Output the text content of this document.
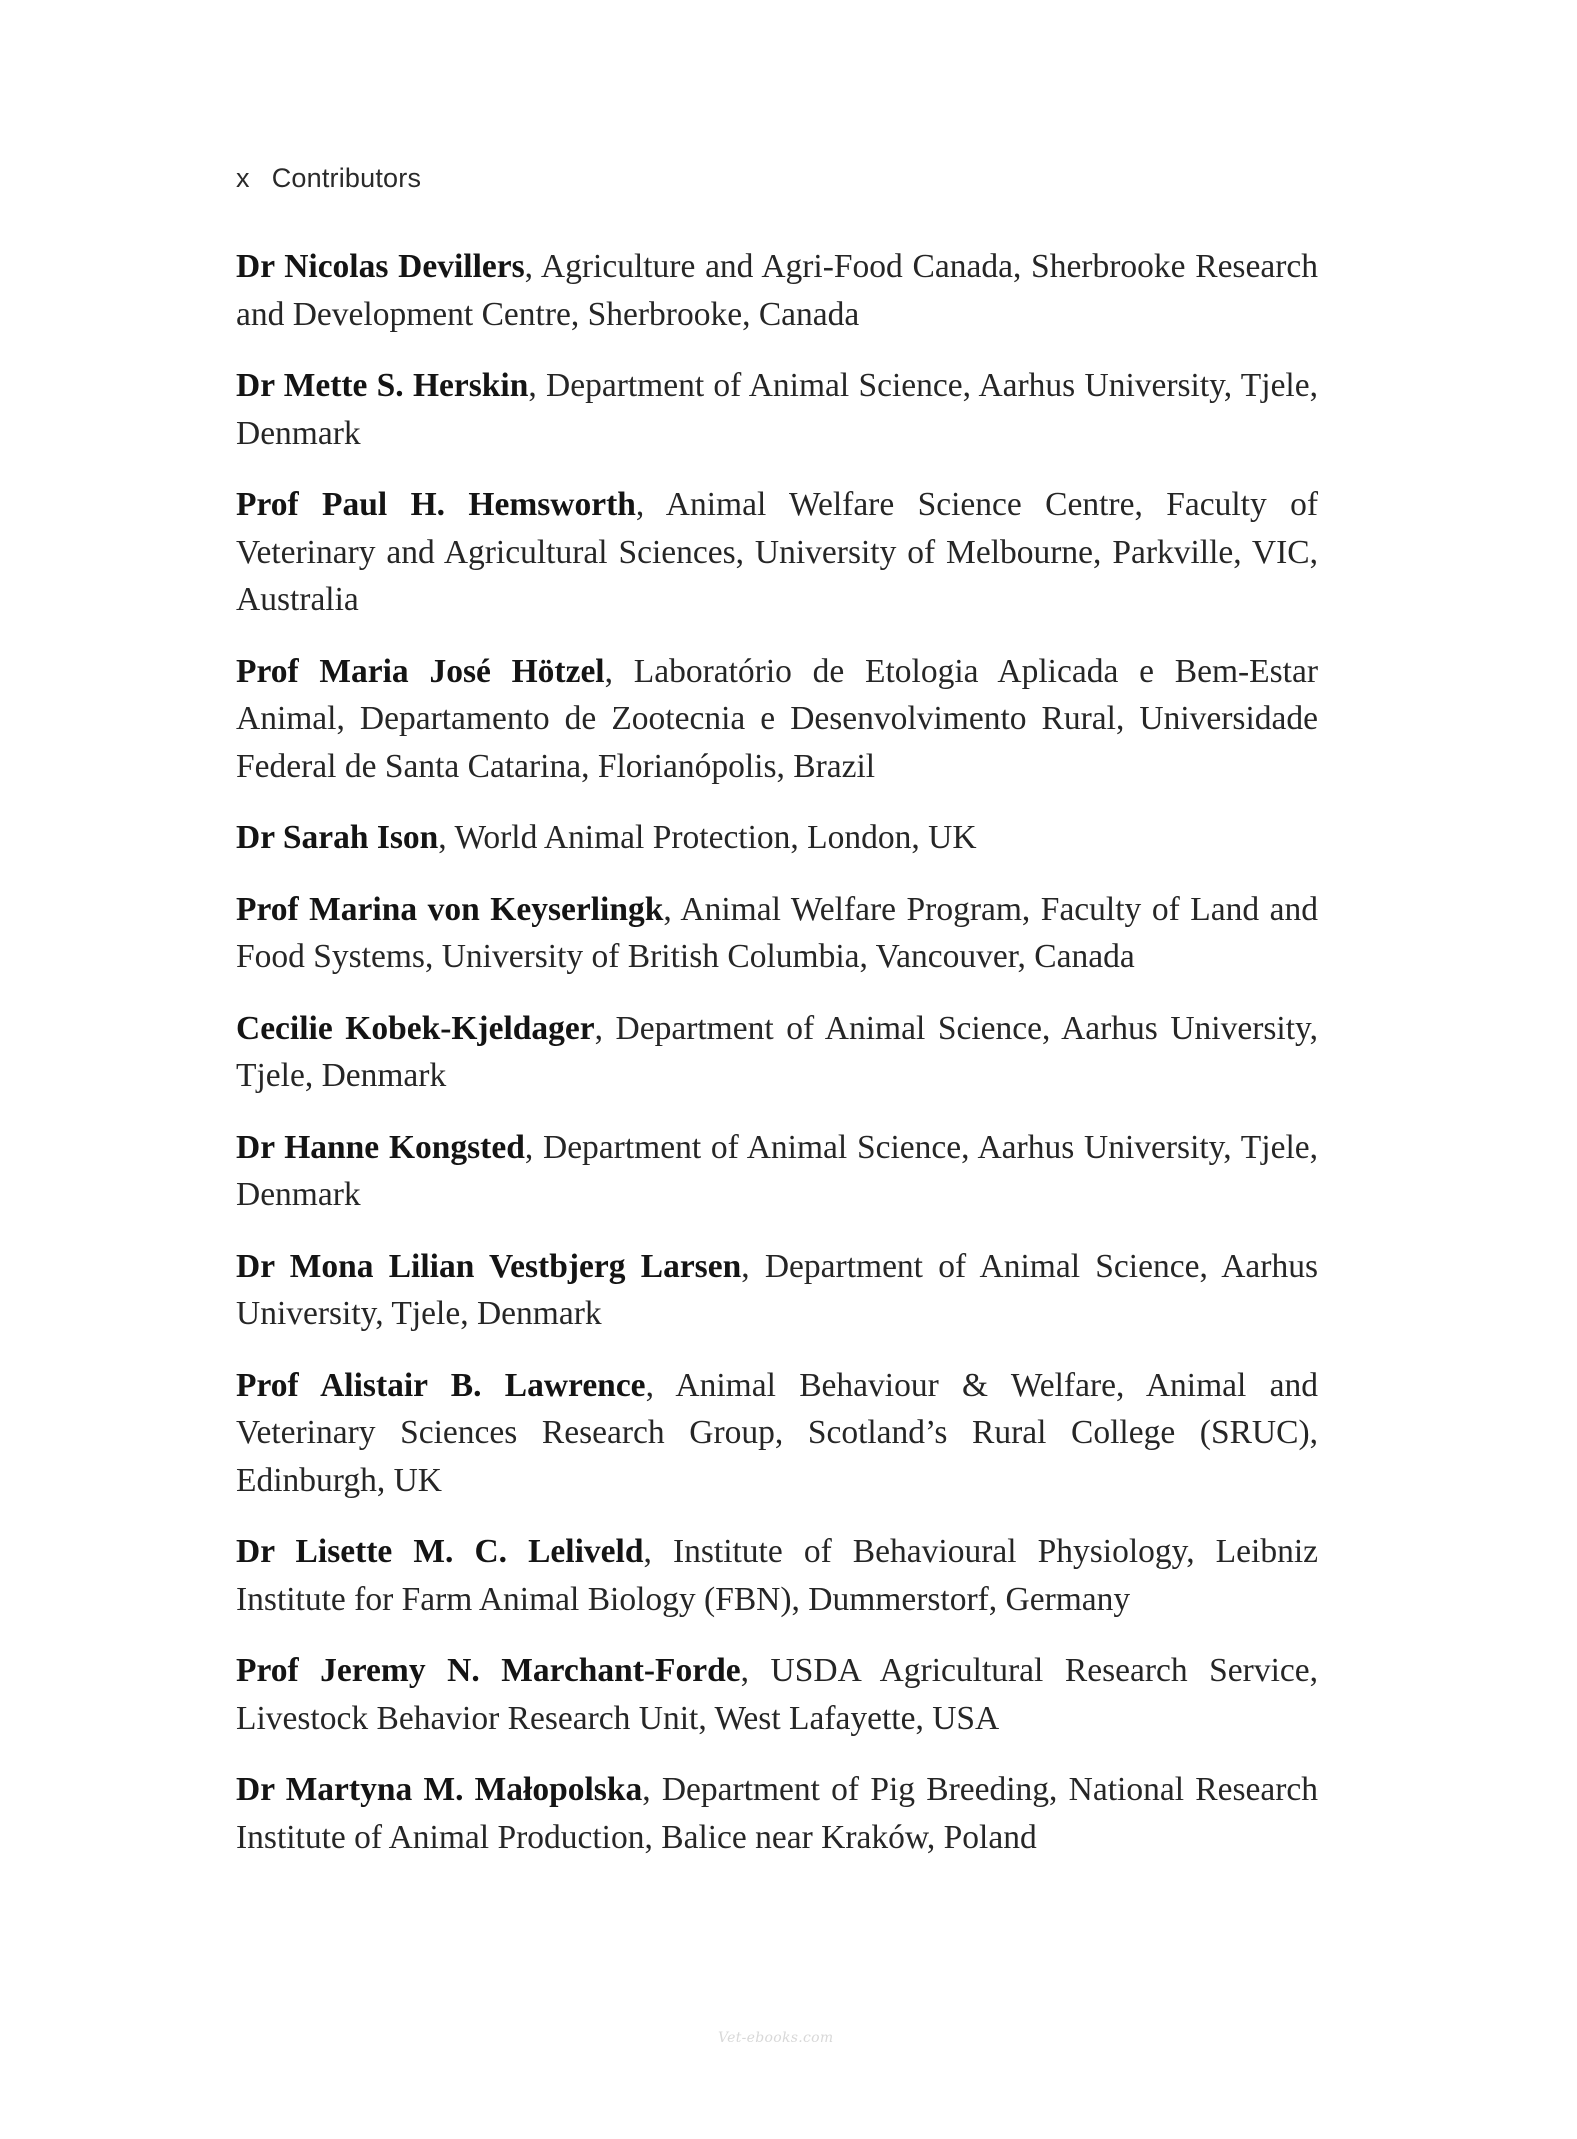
x Contributors
Dr Nicolas Devillers, Agriculture and Agri-Food Canada, Sherbrooke Research and Development Centre, Sherbrooke, Canada
Dr Mette S. Herskin, Department of Animal Science, Aarhus University, Tjele, Denmark
Prof Paul H. Hemsworth, Animal Welfare Science Centre, Faculty of Veterinary and Agricultural Sciences, University of Melbourne, Parkville, VIC, Australia
Prof Maria José Hötzel, Laboratório de Etologia Aplicada e Bem-Estar Animal, Departamento de Zootecnia e Desenvolvimento Rural, Universidade Federal de Santa Catarina, Florianópolis, Brazil
Dr Sarah Ison, World Animal Protection, London, UK
Prof Marina von Keyserlingk, Animal Welfare Program, Faculty of Land and Food Systems, University of British Columbia, Vancouver, Canada
Cecilie Kobek-Kjeldager, Department of Animal Science, Aarhus University, Tjele, Denmark
Dr Hanne Kongsted, Department of Animal Science, Aarhus University, Tjele, Denmark
Dr Mona Lilian Vestbjerg Larsen, Department of Animal Science, Aarhus University, Tjele, Denmark
Prof Alistair B. Lawrence, Animal Behaviour & Welfare, Animal and Veterinary Sciences Research Group, Scotland’s Rural College (SRUC), Edinburgh, UK
Dr Lisette M. C. Leliveld, Institute of Behavioural Physiology, Leibniz Institute for Farm Animal Biology (FBN), Dummerstorf, Germany
Prof Jeremy N. Marchant-Forde, USDA Agricultural Research Service, Livestock Behavior Research Unit, West Lafayette, USA
Dr Martyna M. Małopolska, Department of Pig Breeding, National Research Institute of Animal Production, Balice near Kraków, Poland
Vet-ebooks.com
